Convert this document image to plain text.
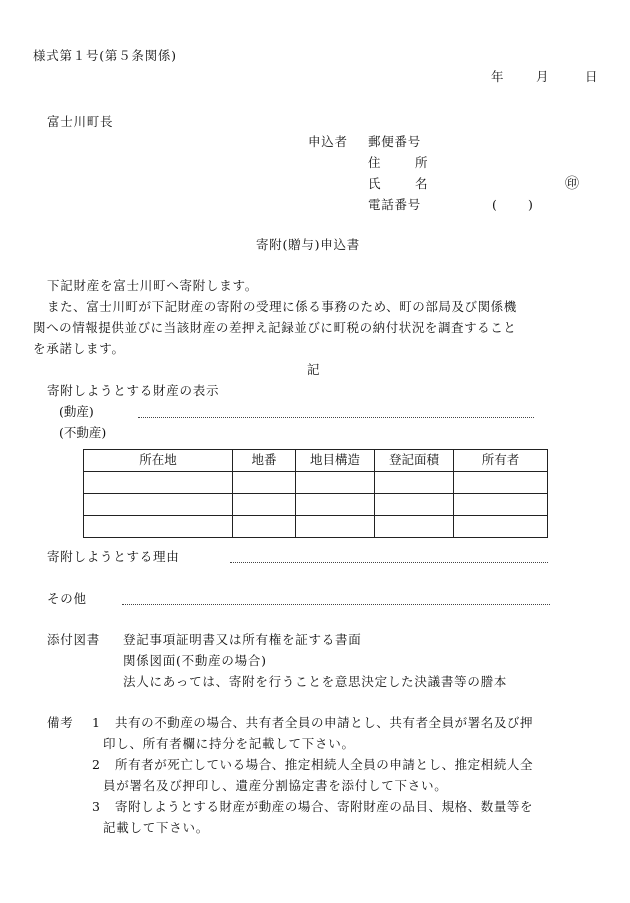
様式第１号(第５条関係)
年	月	日
富士川町長
申込者 郵便番号
住	所
氏	名	㊞
電話番号	( )
寄附(贈与)申込書
下記財産を富士川町へ寄附します。
また、富士川町が下記財産の寄附の受理に係る事務のため、町の部局及び関係機
関への情報提供並びに当該財産の差押え記録並びに町税の納付状況を調査すること
を承諾します。
記
寄附しようとする財産の表示
(動産)
(不動産)
所在地	地番	地目構造	登記面積	所有者

寄附しようとする理由
その他
添付図書 登記事項証明書又は所有権を証する書面
関係図面(不動産の場合)
法人にあっては、寄附を行うことを意思決定した決議書等の謄本
備考 1 共有の不動産の場合、共有者全員の申請とし、共有者全員が署名及び押
印し、所有者欄に持分を記載して下さい。
2 所有者が死亡している場合、推定相続人全員の申請とし、推定相続人全
員が署名及び押印し、遺産分割協定書を添付して下さい。
3 寄附しようとする財産が動産の場合、寄附財産の品目、規格、数量等を
記載して下さい。
